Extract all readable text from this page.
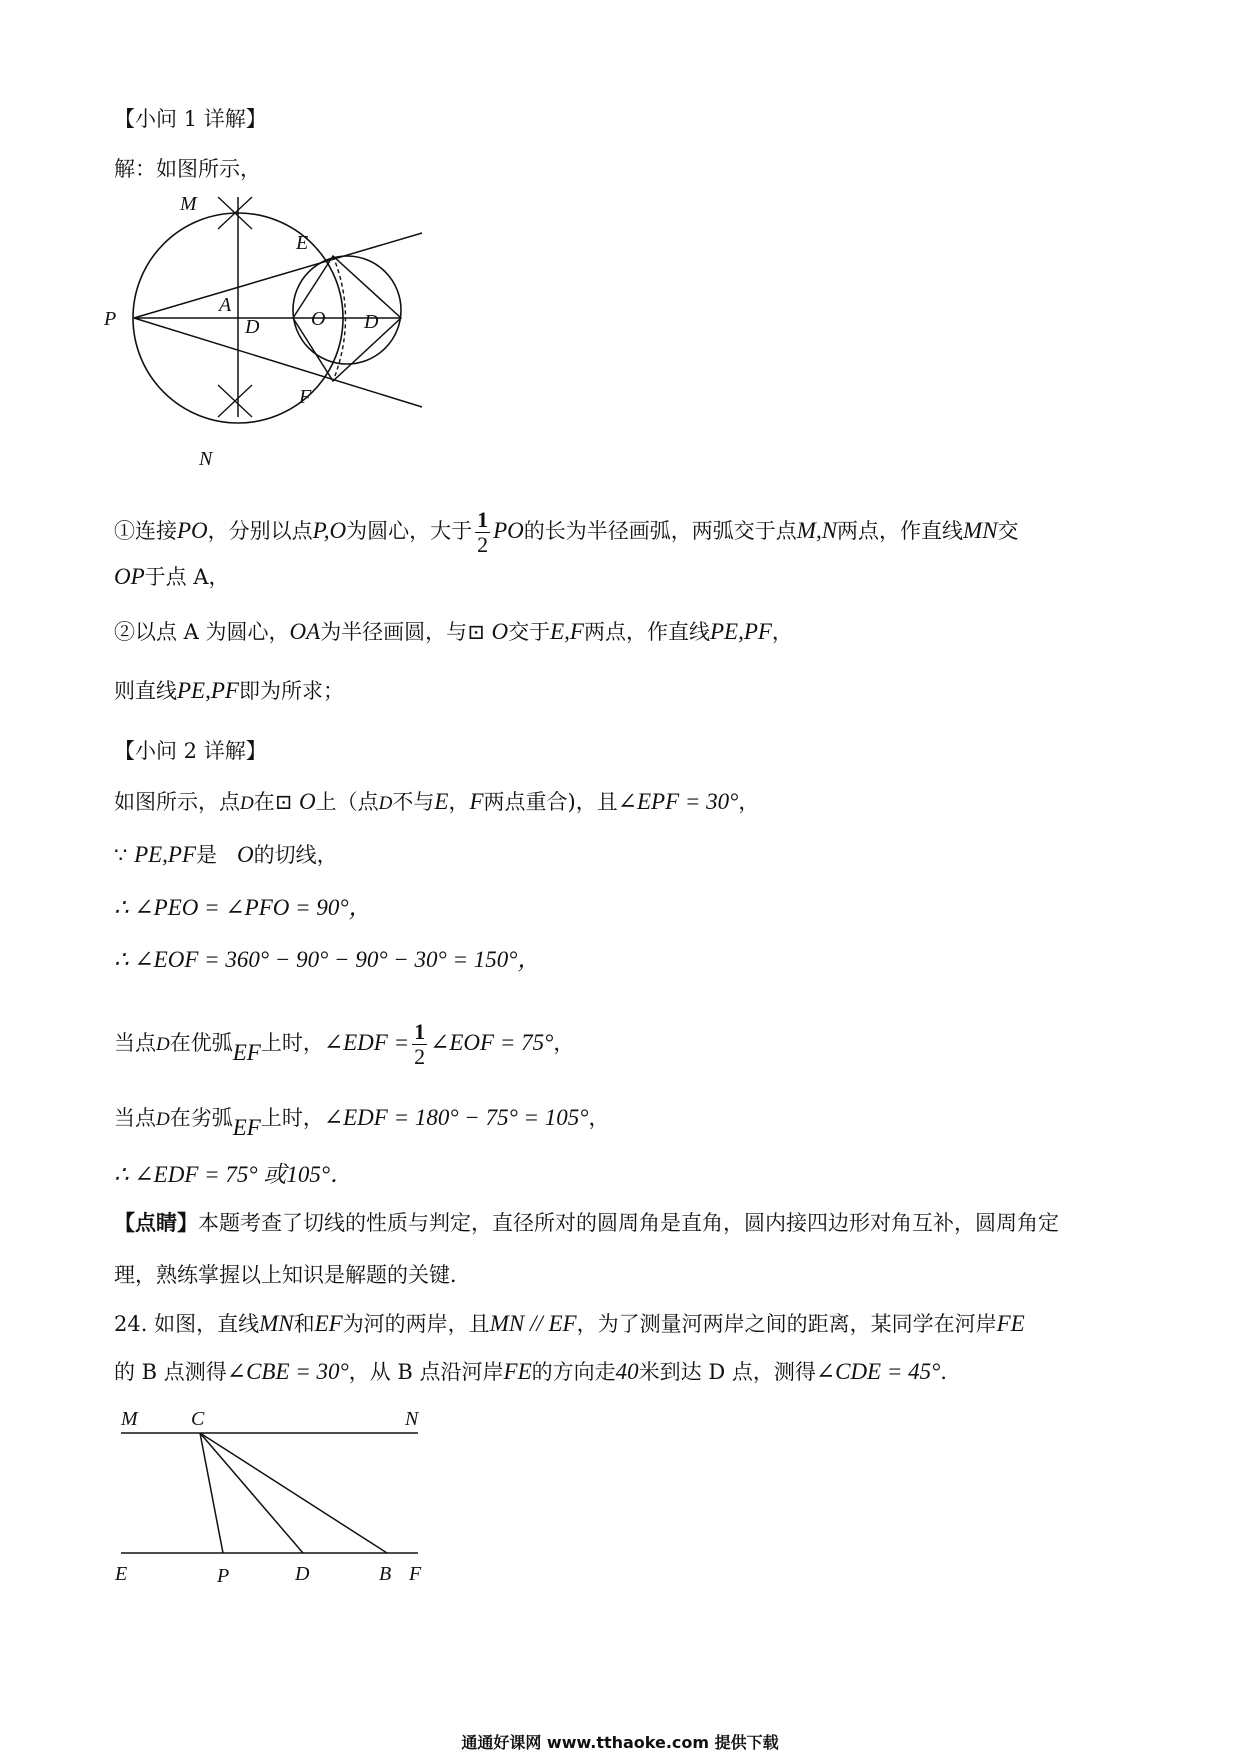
【小问 1 详解】
解：如图所示，
M
E
P
A
D	O D
F
N
①连接PO，分别以点P,O为圆心，大于 $\frac{1}{2}$ PO的长为半径画弧，两弧交于点M,N两点，作直线MN交
OP于点 A，
②以点 A 为圆心，OA为半径画圆，与⊡ O交于E,F两点，作直线PE,PF，
则直线PE,PF即为所求；
【小问 2 详解】
如图所示，点D在⊡ O上（点D不与E，F两点重合)，且∠EPF = 30°，
∵ PE,PF是 O的切线，
∴ ∠PEO = ∠PFO = 90°，
∴ ∠EOF = 360° − 90° − 90° − 30° = 150°，
当点D在优弧EF上时，∠EDF = $\frac{1}{2}$ ∠EOF = 75°，
当点D在劣弧EF上时，∠EDF = 180° − 75° = 105°，
∴ ∠EDF = 75° 或105°．
【点睛】本题考查了切线的性质与判定，直径所对的圆周角是直角，圆内接四边形对角互补，圆周角定
理，熟练掌握以上知识是解题的关键．
24. 如图，直线MN和EF为河的两岸，且MN // EF，为了测量河两岸之间的距离，某同学在河岸FE
的 B 点测得∠CBE = 30°，从 B 点沿河岸FE的方向走40米到达 D 点，测得∠CDE = 45°．
M	C	N
E	P	D	B F
通通好课网 www.tthaoke.com 提供下载
